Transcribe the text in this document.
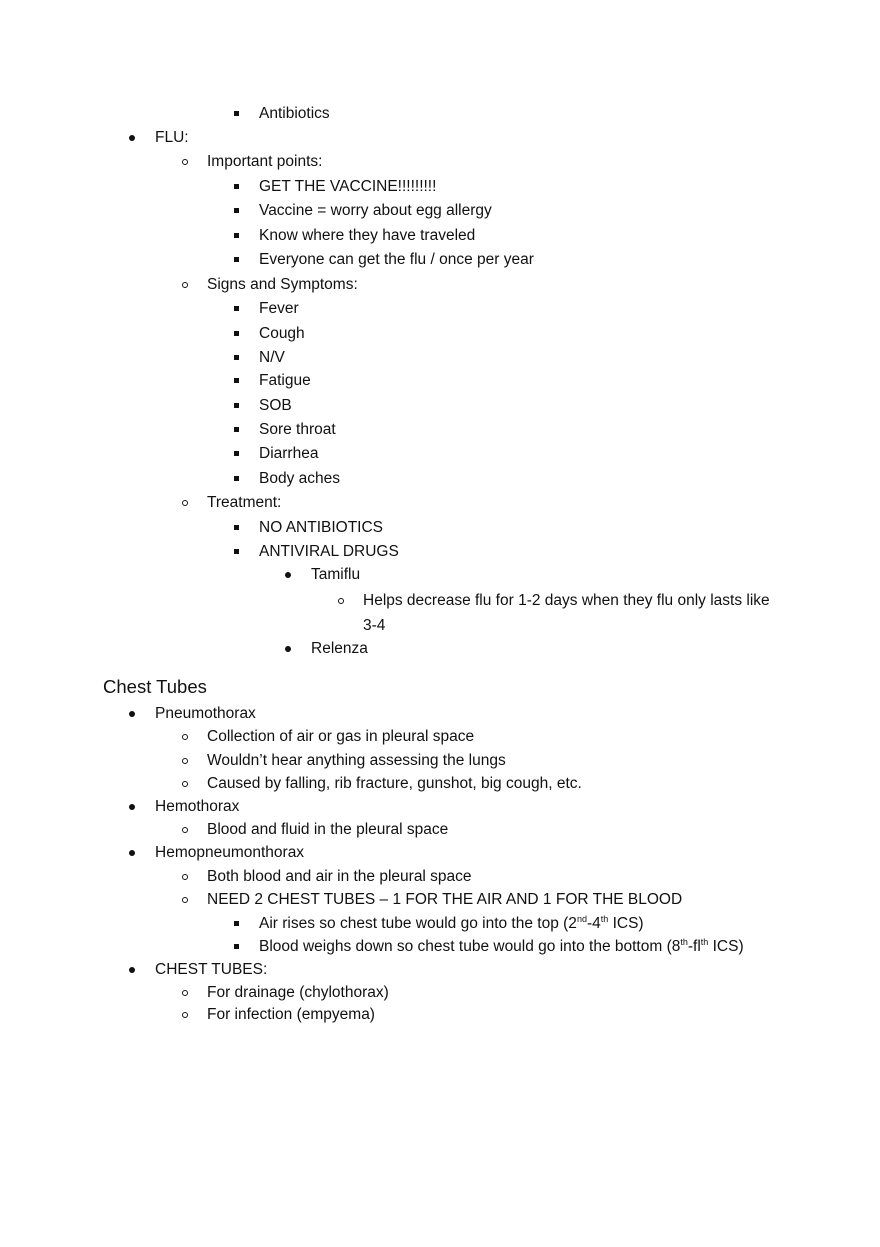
Antibiotics
FLU:
Important points:
GET THE VACCINE!!!!!!!!!
Vaccine = worry about egg allergy
Know where they have traveled
Everyone can get the flu / once per year
Signs and Symptoms:
Fever
Cough
N/V
Fatigue
SOB
Sore throat
Diarrhea
Body aches
Treatment:
NO ANTIBIOTICS
ANTIVIRAL DRUGS
Tamiflu
Helps decrease flu for 1-2 days when they flu only lasts like
3-4
Relenza
Chest Tubes
Pneumothorax
Collection of air or gas in pleural space
Wouldn’t hear anything assessing the lungs
Caused by falling, rib fracture, gunshot, big cough, etc.
Hemothorax
Blood and fluid in the pleural space
Hemopneumonthorax
Both blood and air in the pleural space
NEED 2 CHEST TUBES – 1 FOR THE AIR AND 1 FOR THE BLOOD
Air rises so chest tube would go into the top (2nd-4th ICS)
Blood weighs down so chest tube would go into the bottom ($8th-fl^{th}$ ICS)
CHEST TUBES:
For drainage (chylothorax)
For infection (empyema)
